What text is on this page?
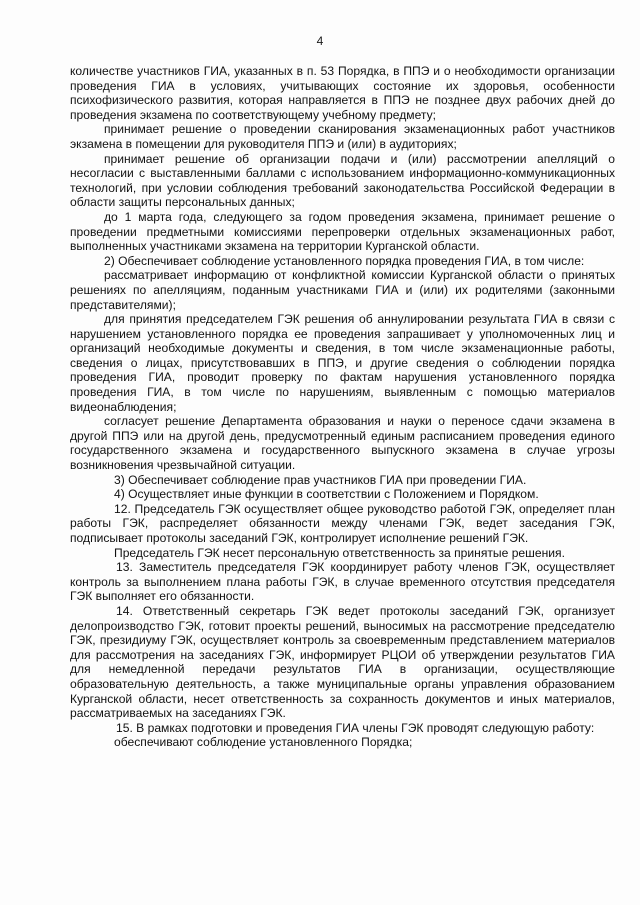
4

количестве участников ГИА, указанных в п. 53 Порядка, в ППЭ и о необходимости организации проведения ГИА в условиях, учитывающих состояние их здоровья, особенности психофизического развития, которая направляется в ППЭ не позднее двух рабочих дней до проведения экзамена по соответствующему учебному предмету;

принимает решение о проведении сканирования экзаменационных работ участников экзамена в помещении для руководителя ППЭ и (или) в аудиториях;

принимает решение об организации подачи и (или) рассмотрении апелляций о несогласии с выставленными баллами с использованием информационно-коммуникационных технологий, при условии соблюдения требований законодательства Российской Федерации в области защиты персональных данных;

до 1 марта года, следующего за годом проведения экзамена, принимает решение о проведении предметными комиссиями перепроверки отдельных экзаменационных работ, выполненных участниками экзамена на территории Курганской области.

2) Обеспечивает соблюдение установленного порядка проведения ГИА, в том числе:

рассматривает информацию от конфликтной комиссии Курганской области о принятых решениях по апелляциям, поданным участниками ГИА и (или) их родителями (законными представителями);

для принятия председателем ГЭК решения об аннулировании результата ГИА в связи с нарушением установленного порядка ее проведения запрашивает у уполномоченных лиц и организаций необходимые документы и сведения, в том числе экзаменационные работы, сведения о лицах, присутствовавших в ППЭ, и другие сведения о соблюдении порядка проведения ГИА, проводит проверку по фактам нарушения установленного порядка проведения ГИА, в том числе по нарушениям, выявленным с помощью материалов видеонаблюдения;

согласует решение Департамента образования и науки о переносе сдачи экзамена в другой ППЭ или на другой день, предусмотренный единым расписанием проведения единого государственного экзамена и государственного выпускного экзамена в случае угрозы возникновения чрезвычайной ситуации.

3) Обеспечивает соблюдение прав участников ГИА при проведении ГИА.

4) Осуществляет иные функции в соответствии с Положением и Порядком.

12. Председатель ГЭК осуществляет общее руководство работой ГЭК, определяет план работы ГЭК, распределяет обязанности между членами ГЭК, ведет заседания ГЭК, подписывает протоколы заседаний ГЭК, контролирует исполнение решений ГЭК.

Председатель ГЭК несет персональную ответственность за принятые решения.

13. Заместитель председателя ГЭК координирует работу членов ГЭК, осуществляет контроль за выполнением плана работы ГЭК, в случае временного отсутствия председателя ГЭК выполняет его обязанности.

14. Ответственный секретарь ГЭК ведет протоколы заседаний ГЭК, организует делопроизводство ГЭК, готовит проекты решений, выносимых на рассмотрение председателю ГЭК, президиуму ГЭК, осуществляет контроль за своевременным представлением материалов для рассмотрения на заседаниях ГЭК, информирует РЦОИ об утверждении результатов ГИА для немедленной передачи результатов ГИА в организации, осуществляющие образовательную деятельность, а также муниципальные органы управления образованием Курганской области, несет ответственность за сохранность документов и иных материалов, рассматриваемых на заседаниях ГЭК.

15. В рамках подготовки и проведения ГИА члены ГЭК проводят следующую работу:

обеспечивают соблюдение установленного Порядка;
